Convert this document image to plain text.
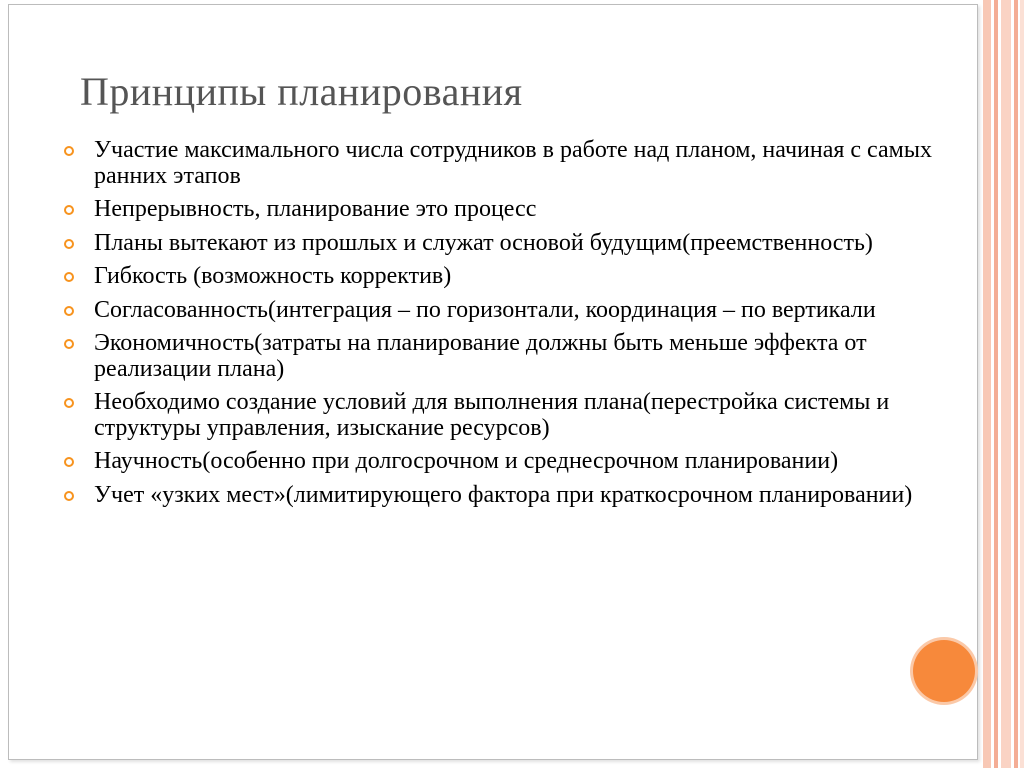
Принципы планирования
Участие максимального числа сотрудников в работе над планом, начиная с самых ранних этапов
Непрерывность, планирование это процесс
Планы вытекают из прошлых и служат основой будущим(преемственность)
Гибкость (возможность корректив)
Согласованность(интеграция – по горизонтали, координация – по вертикали
Экономичность(затраты на планирование должны быть меньше эффекта от реализации плана)
Необходимо создание условий для выполнения плана(перестройка системы и структуры управления, изыскание ресурсов)
Научность(особенно при долгосрочном и среднесрочном планировании)
Учет «узких мест»(лимитирующего фактора при краткосрочном планировании)
